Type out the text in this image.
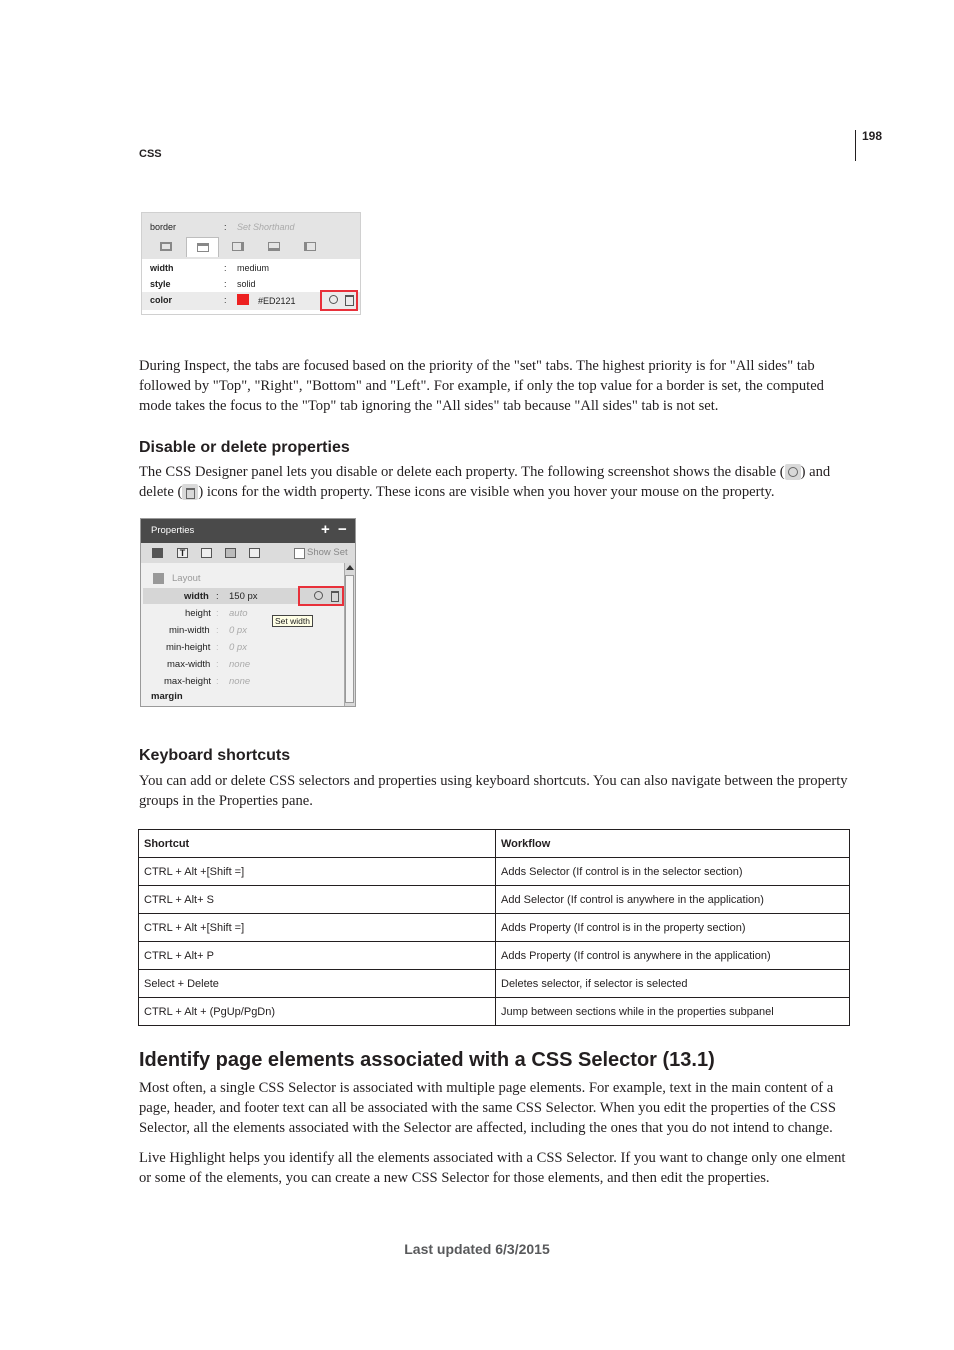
198
CSS
border	: Set Shorthand
width	: medium
style	: solid
color	:	#ED2121
During Inspect, the tabs are focused based on the priority of the "set" tabs. The highest priority is for "All sides" tab followed by "Top", "Right", "Bottom" and "Left". For example, if only the top value for a border is set, the computed mode takes the focus to the "Top" tab ignoring the "All sides" tab because "All sides" tab is not set.
Disable or delete properties
The CSS Designer panel lets you disable or delete each property. The following screenshot shows the disable ( ) and delete ( ) icons for the width property. These icons are visible when you hover your mouse on the property.
Properties	+ −
T	Show Set
Layout
width : 150 px
height : auto
Set width
min-width : 0 px
min-height : 0 px
max-width : none
max-height : none
margin
Keyboard shortcuts
You can add or delete CSS selectors and properties using keyboard shortcuts. You can also navigate between the property groups in the Properties pane.
Shortcut	Workflow
CTRL + Alt +[Shift =]	Adds Selector (If control is in the selector section)
CTRL + Alt+ S	Add Selector (If control is anywhere in the application)
CTRL + Alt +[Shift =]	Adds Property (If control is in the property section)
CTRL + Alt+ P	Adds Property (If control is anywhere in the application)
Select + Delete	Deletes selector, if selector is selected
CTRL + Alt + (PgUp/PgDn)	Jump between sections while in the properties subpanel
Identify page elements associated with a CSS Selector (13.1)
Most often, a single CSS Selector is associated with multiple page elements. For example, text in the main content of a page, header, and footer text can all be associated with the same CSS Selector. When you edit the properties of the CSS Selector, all the elements associated with the Selector are affected, including the ones that you do not intend to change.
Live Highlight helps you identify all the elements associated with a CSS Selector. If you want to change only one elment or some of the elements, you can create a new CSS Selector for those elements, and then edit the properties.
Last updated 6/3/2015
